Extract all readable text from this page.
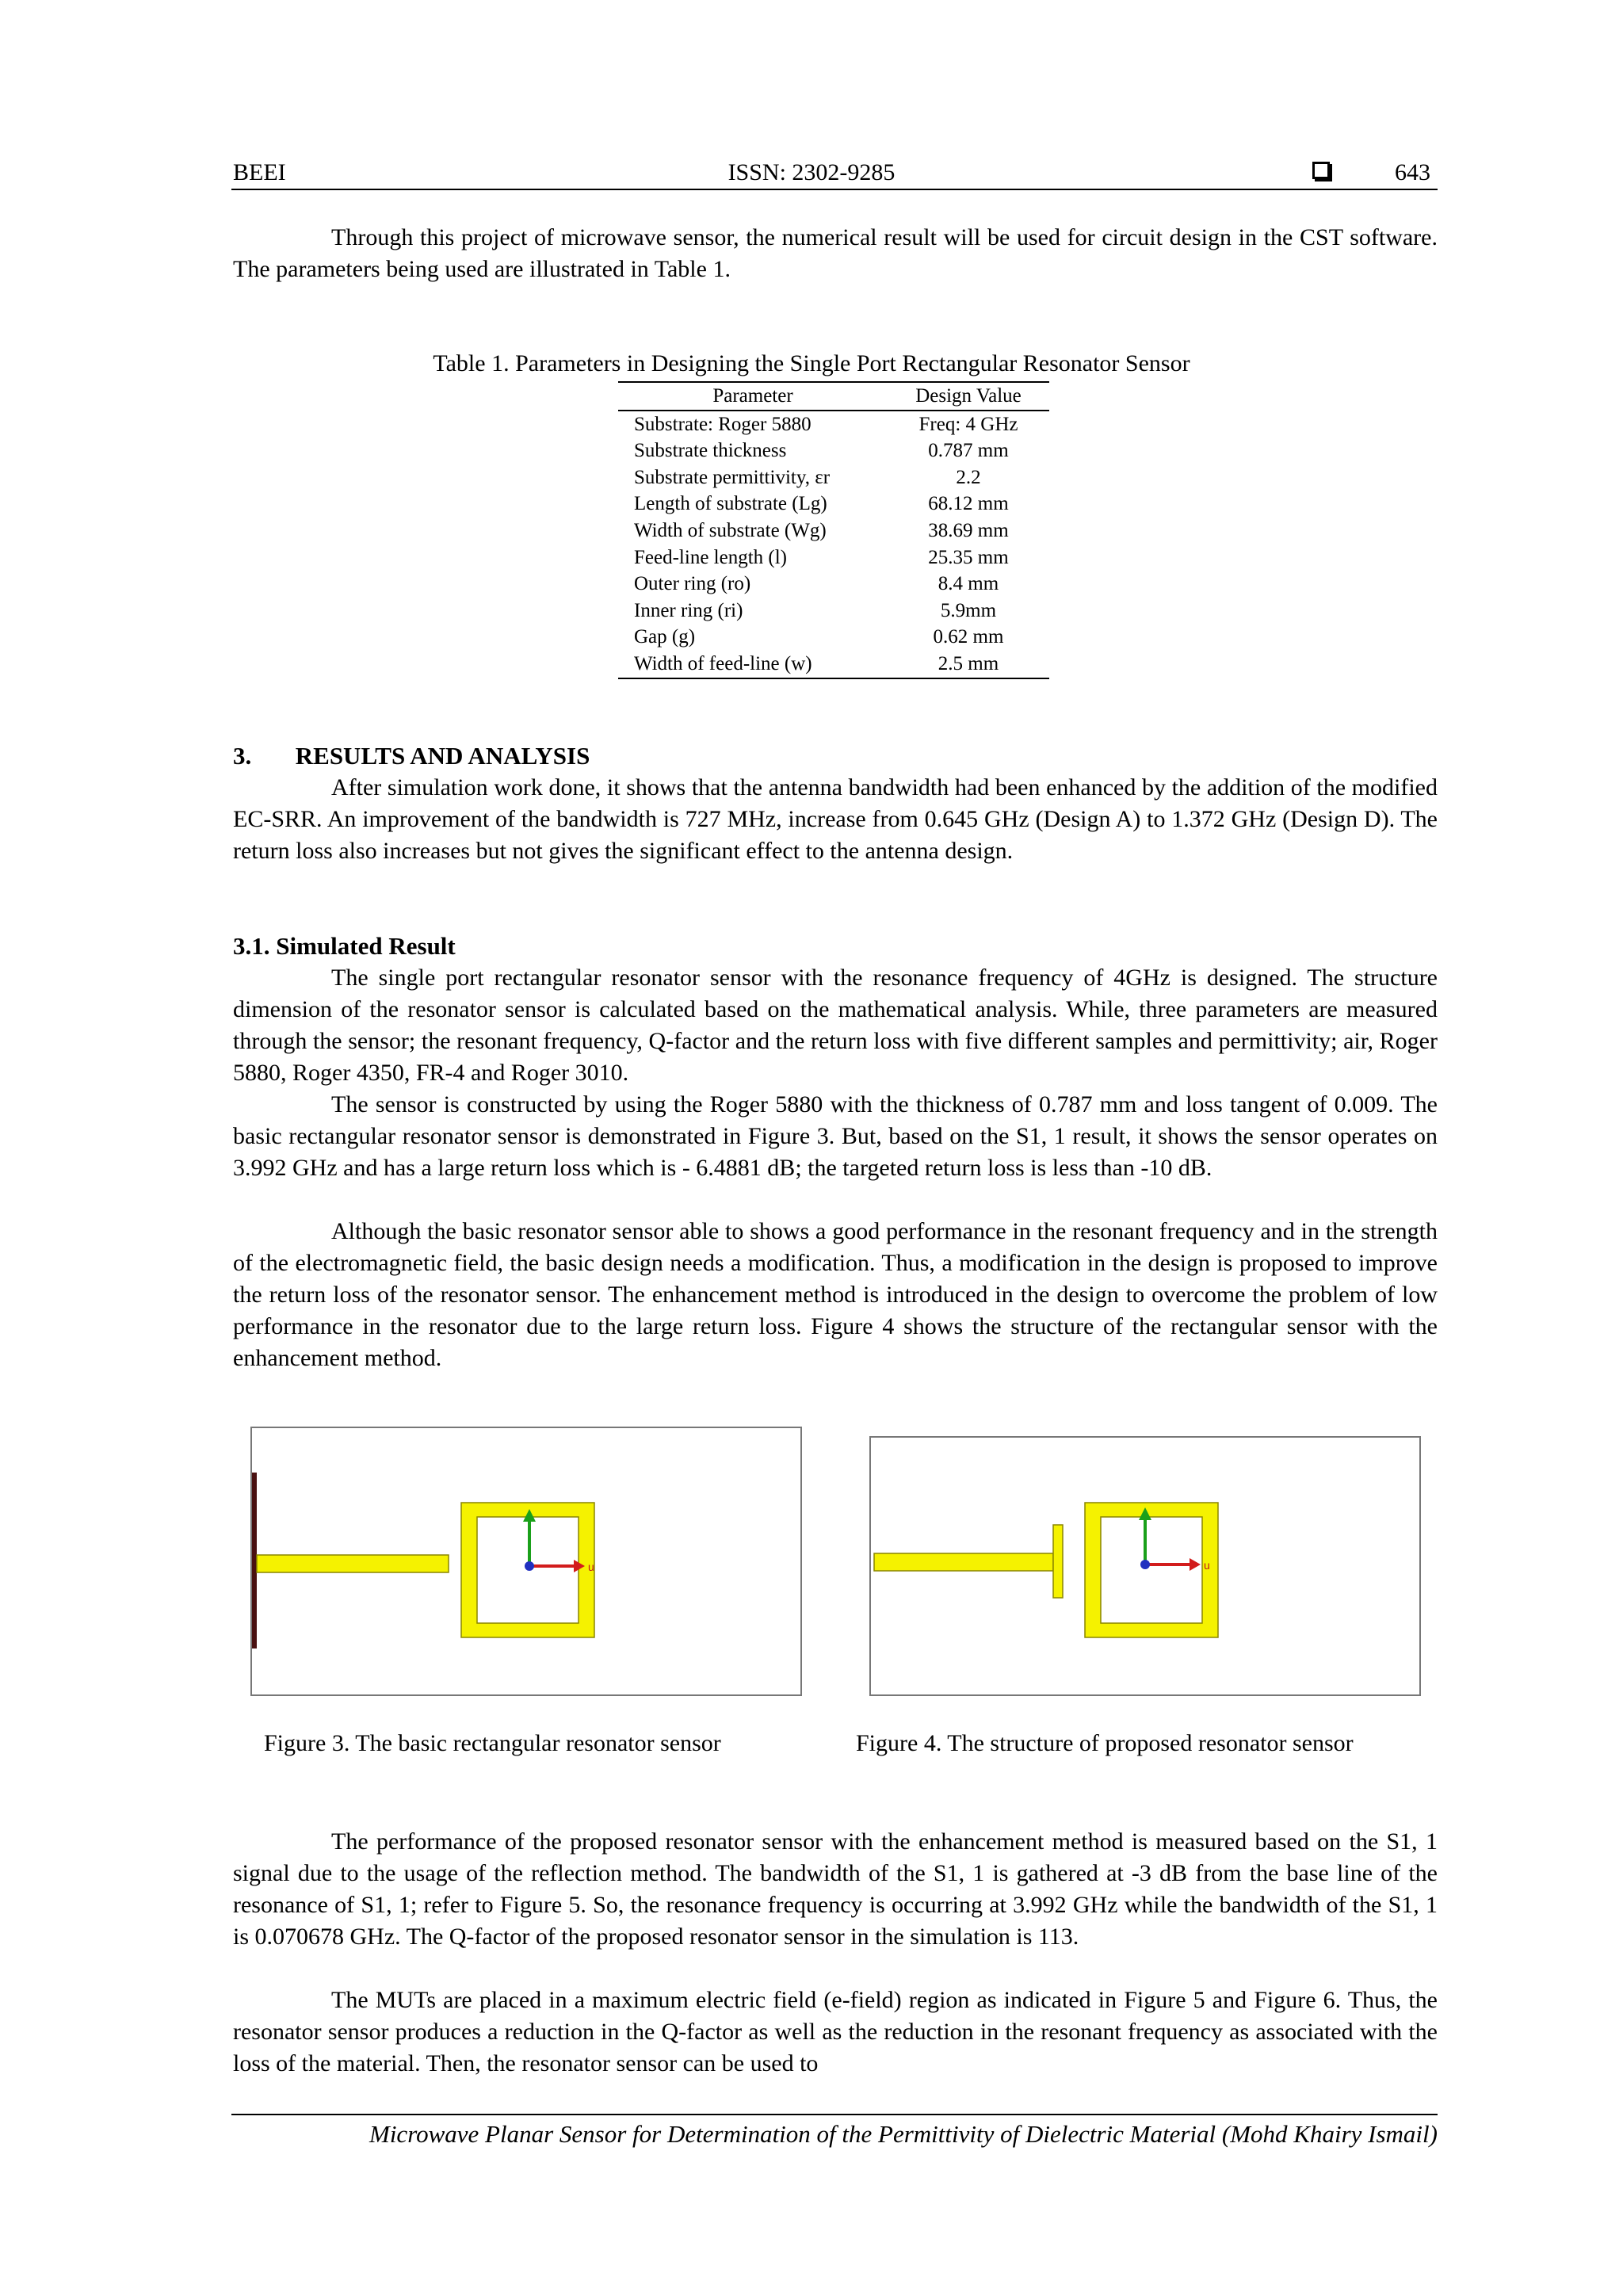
BEEI	ISSN: 2302-9285	643

Through this project of microwave sensor, the numerical result will be used for circuit design in the CST software. The parameters being used are illustrated in Table 1.

Table 1. Parameters in Designing the Single Port Rectangular Resonator Sensor
Parameter	Design Value
Substrate: Roger 5880	Freq: 4 GHz
Substrate thickness	0.787 mm
Substrate permittivity, εr	2.2
Length of substrate (Lg)	68.12 mm
Width of substrate (Wg)	38.69 mm
Feed-line length (l)	25.35 mm
Outer ring (ro)	8.4 mm
Inner ring (ri)	5.9mm
Gap (g)	0.62 mm
Width of feed-line (w)	2.5 mm
3. RESULTS AND ANALYSIS

After simulation work done, it shows that the antenna bandwidth had been enhanced by the addition of the modified EC-SRR. An improvement of the bandwidth is 727 MHz, increase from 0.645 GHz (Design A) to 1.372 GHz (Design D). The return loss also increases but not gives the significant effect to the antenna design.

3.1. Simulated Result

The single port rectangular resonator sensor with the resonance frequency of 4GHz is designed. The structure dimension of the resonator sensor is calculated based on the mathematical analysis. While, three parameters are measured through the sensor; the resonant frequency, Q-factor and the return loss with five different samples and permittivity; air, Roger 5880, Roger 4350, FR-4 and Roger 3010.

The sensor is constructed by using the Roger 5880 with the thickness of 0.787 mm and loss tangent of 0.009. The basic rectangular resonator sensor is demonstrated in Figure 3. But, based on the S1, 1 result, it shows the sensor operates on 3.992 GHz and has a large return loss which is - 6.4881 dB; the targeted return loss is less than -10 dB.

Although the basic resonator sensor able to shows a good performance in the resonant frequency and in the strength of the electromagnetic field, the basic design needs a modification. Thus, a modification in the design is proposed to improve the return loss of the resonator sensor. The enhancement method is introduced in the design to overcome the problem of low performance in the resonator due to the large return loss. Figure 4 shows the structure of the rectangular sensor with the enhancement method.

u	u
Figure 3. The basic rectangular resonator sensor	Figure 4. The structure of proposed resonator sensor

The performance of the proposed resonator sensor with the enhancement method is measured based on the S1, 1 signal due to the usage of the reflection method. The bandwidth of the S1, 1 is gathered at -3 dB from the base line of the resonance of S1, 1; refer to Figure 5. So, the resonance frequency is occurring at 3.992 GHz while the bandwidth of the S1, 1 is 0.070678 GHz. The Q-factor of the proposed resonator sensor in the simulation is 113.

The MUTs are placed in a maximum electric field (e-field) region as indicated in Figure 5 and Figure 6. Thus, the resonator sensor produces a reduction in the Q-factor as well as the reduction in the resonant frequency as associated with the loss of the material. Then, the resonator sensor can be used to

Microwave Planar Sensor for Determination of the Permittivity of Dielectric Material (Mohd Khairy Ismail)
